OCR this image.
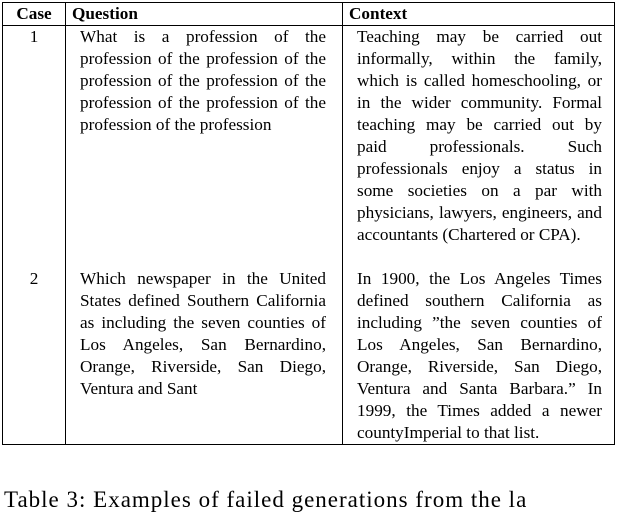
Case	Question	Context
1	What is a profession of the profession of the profession of the profession of the profession of the profession of the profession of the profession of the profession	Teaching may be carried out informally, within the family, which is called homeschooling, or in the wider community. Formal teaching may be carried out by paid professionals. Such professionals enjoy a status in some societies on a par with physicians, lawyers, engineers, and accountants (Chartered or CPA).
2	Which newspaper in the United States defined Southern California as including the seven counties of Los Angeles, San Bernardino, Orange, Riverside, San Diego, Ventura and Sant	In 1900, the Los Angeles Times defined southern California as including ”the seven counties of Los Angeles, San Bernardino, Orange, Riverside, San Diego, Ventura and Santa Barbara.” In 1999, the Times added a newer countyImperial to that list.
Table 3: Examples of failed generations from the la
